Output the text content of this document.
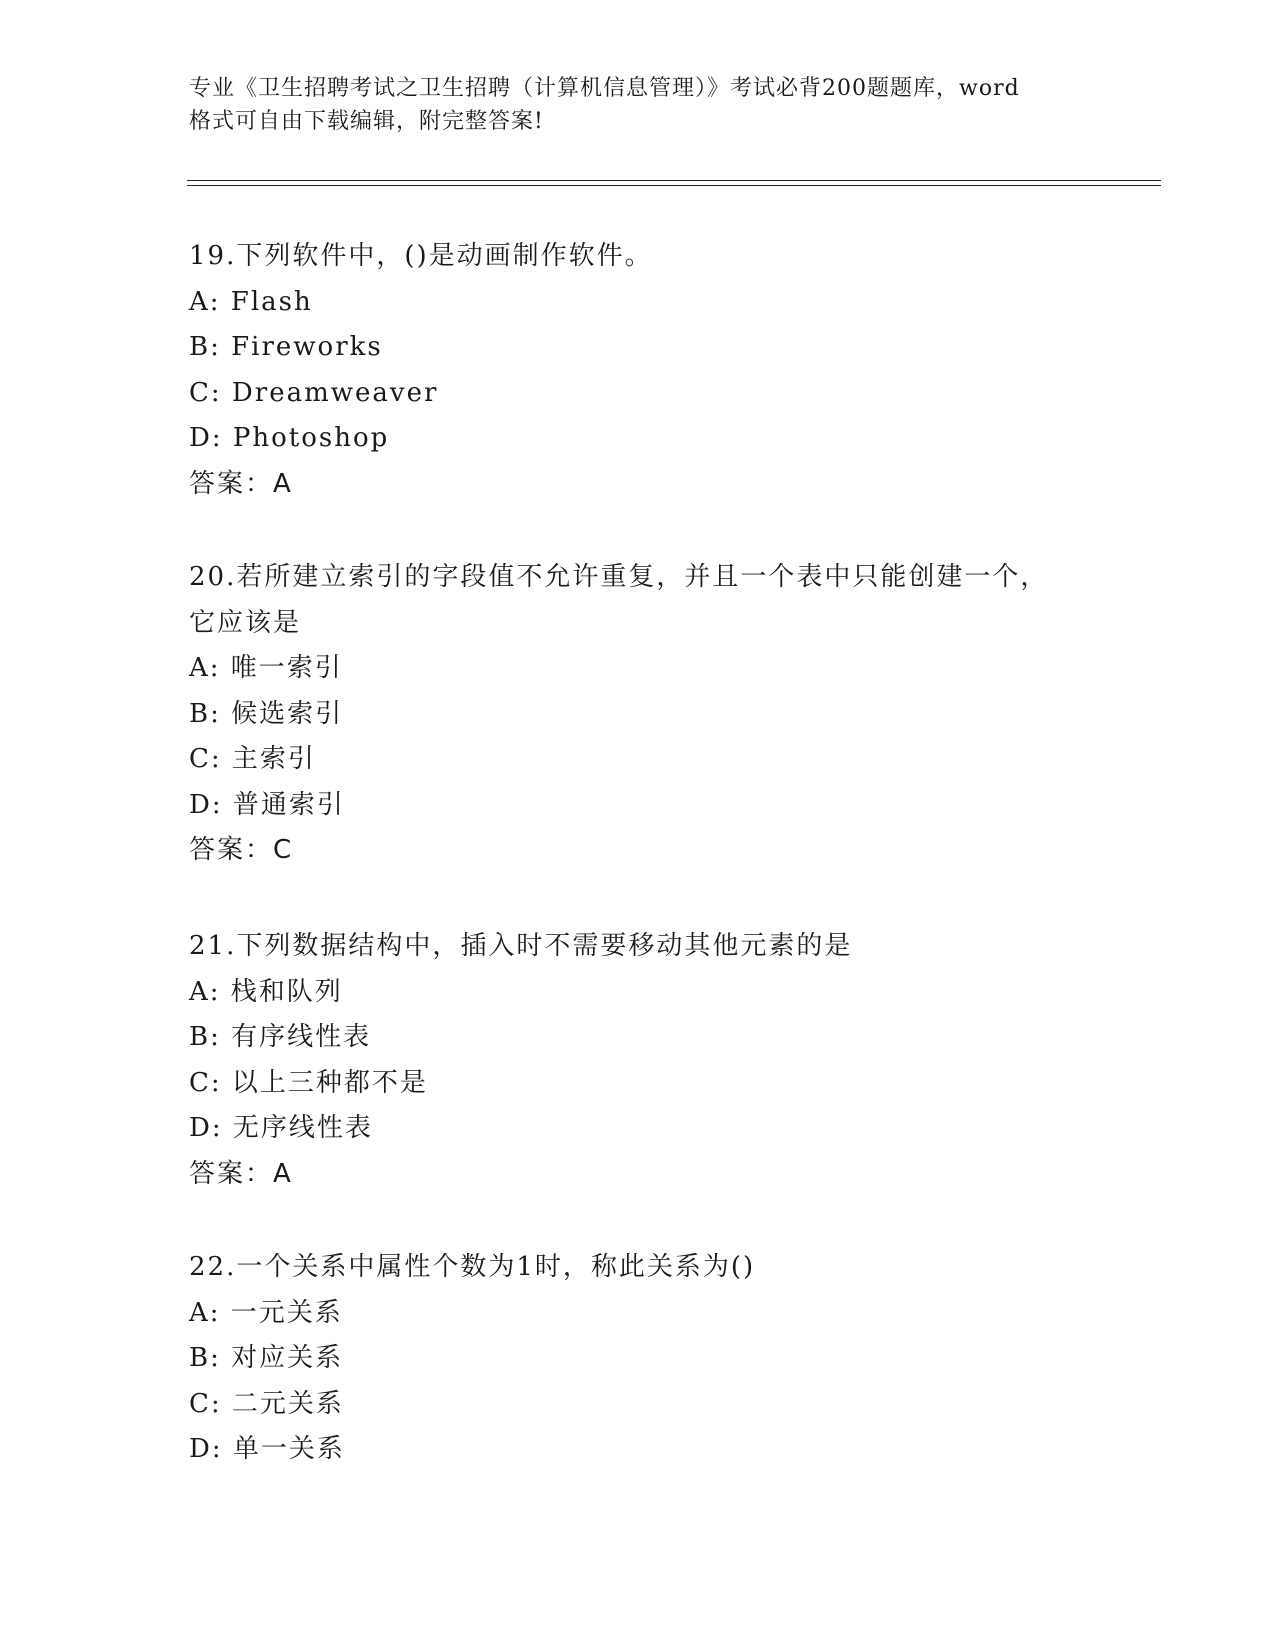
专业《卫生招聘考试之卫生招聘（计算机信息管理）》考试必背200题题库，word
格式可自由下载编辑，附完整答案!
19.下列软件中，()是动画制作软件。
A: Flash
B: Fireworks
C: Dreamweaver
D: Photoshop
答案：A
20.若所建立索引的字段值不允许重复，并且一个表中只能创建一个，
它应该是
A: 唯一索引
B: 候选索引
C: 主索引
D: 普通索引
答案：C
21.下列数据结构中，插入时不需要移动其他元素的是
A: 栈和队列
B: 有序线性表
C: 以上三种都不是
D: 无序线性表
答案：A
22.一个关系中属性个数为1时，称此关系为()
A: 一元关系
B: 对应关系
C: 二元关系
D: 单一关系
